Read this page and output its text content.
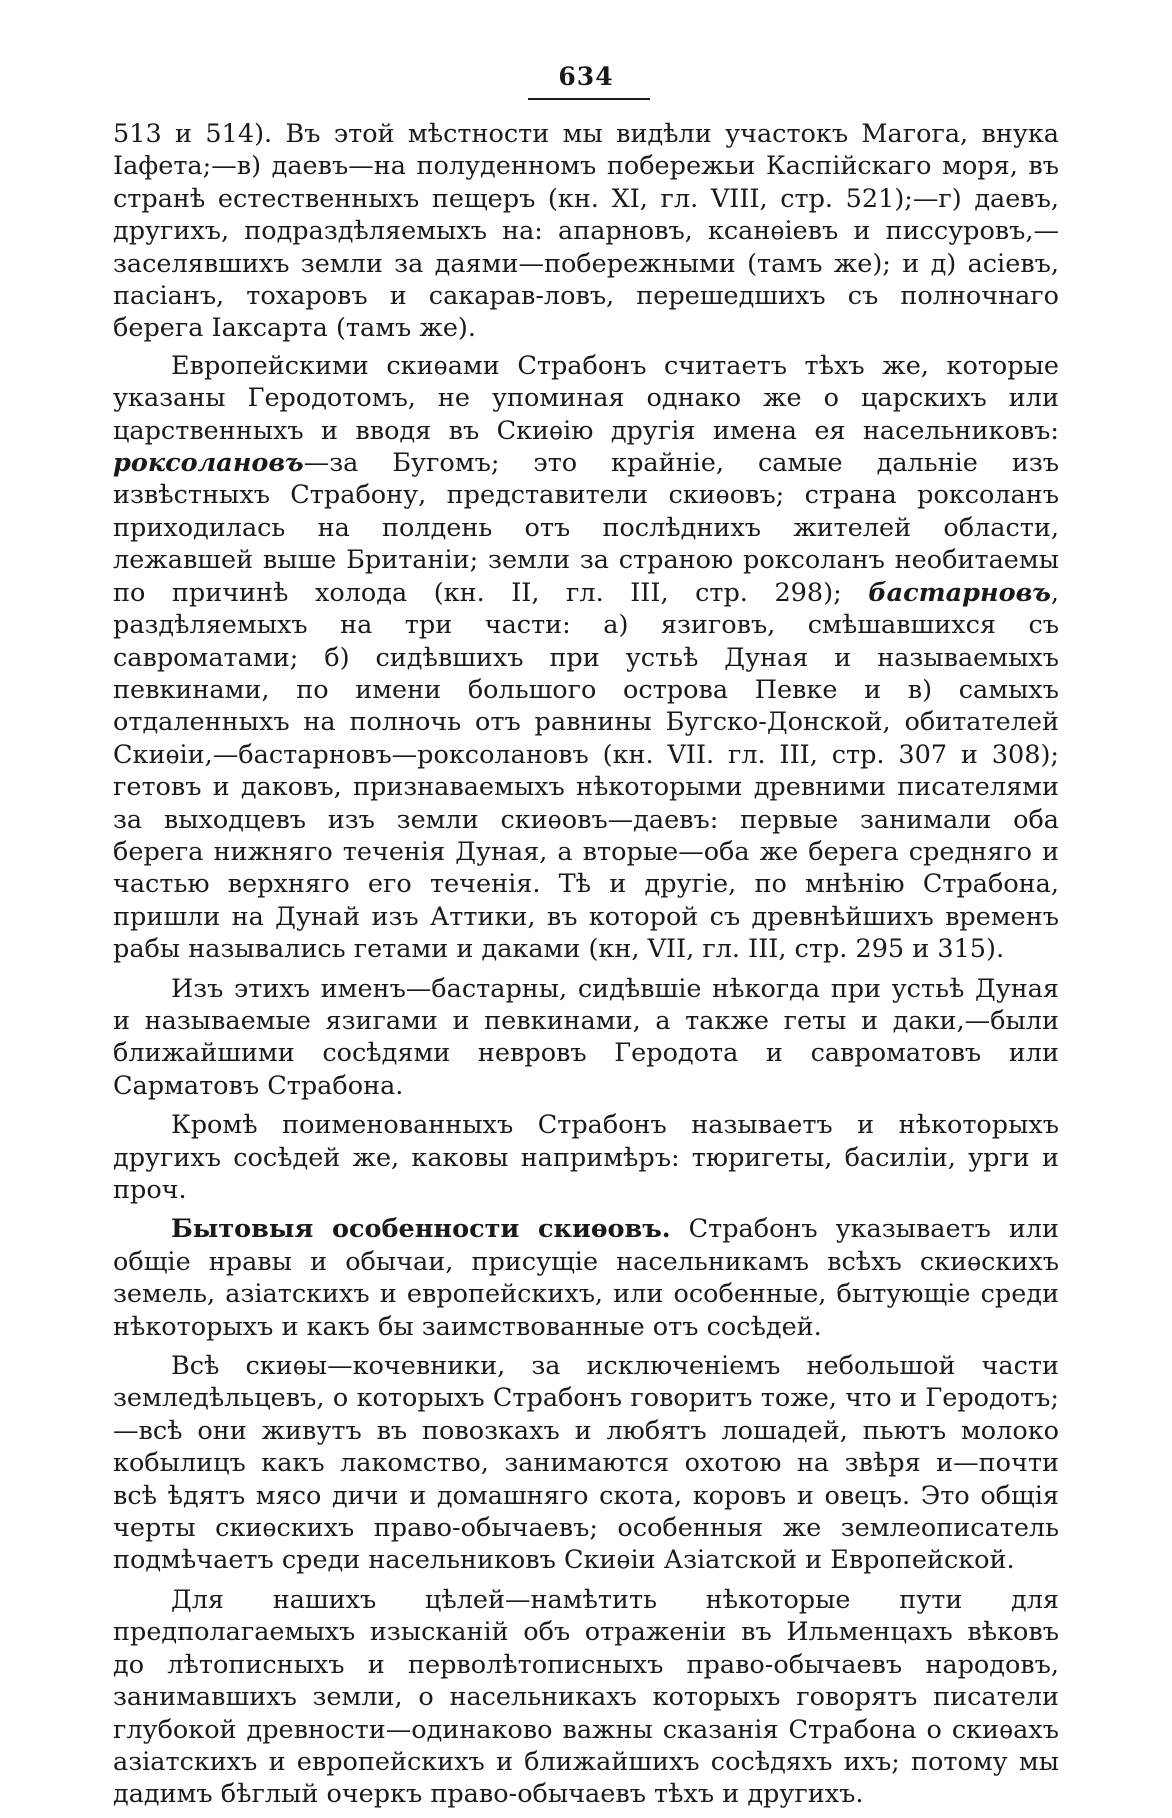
634

513 и 514). Въ этой мѣстности мы видѣли участокъ Магога, внука Іафета;—в) даевъ—на полуденномъ побережьи Каспійскаго моря, въ странѣ естественныхъ пещеръ (кн. XI, гл. VIII, стр. 521);—г) даевъ, другихъ, подраздѣляемыхъ на: апарновъ, ксанѳіевъ и писсуровъ,—заселявшихъ земли за даями—побережными (тамъ же); и д) асіевъ, пасіанъ, тохаровъ и сакарав-ловъ, перешедшихъ съ полночнаго берега Іаксарта (тамъ же).

Европейскими скиѳами Страбонъ считаетъ тѣхъ же, которые указаны Геродотомъ, не упоминая однако же о царскихъ или царственныхъ и вводя въ Скиѳію другія имена ея насельниковъ: роксолановъ—за Бугомъ; это крайніе, самые дальніе изъ извѣстныхъ Страбону, представители скиѳовъ; страна роксоланъ приходилась на полдень отъ послѣднихъ жителей области, лежавшей выше Британіи; земли за страною роксоланъ необитаемы по причинѣ холода (кн. II, гл. III, стр. 298); бастарновъ, раздѣляемыхъ на три части: а) язиговъ, смѣшавшихся съ савроматами; б) сидѣвшихъ при устьѣ Дуная и называемыхъ певкинами, по имени большого острова Певке и в) самыхъ отдаленныхъ на полночь отъ равнины Бугско-Донской, обитателей Скиѳіи,—бастарновъ—роксолановъ (кн. VII. гл. III, стр. 307 и 308); гетовъ и даковъ, признаваемыхъ нѣкоторыми древними писателями за выходцевъ изъ земли скиѳовъ—даевъ: первые занимали оба берега нижняго теченія Дуная, а вторые—оба же берега средняго и частью верхняго его теченія. Тѣ и другіе, по мнѣнію Страбона, пришли на Дунай изъ Аттики, въ которой съ древнѣйшихъ временъ рабы назывались гетами и даками (кн, VII, гл. III, стр. 295 и 315).

Изъ этихъ именъ—бастарны, сидѣвшіе нѣкогда при устьѣ Дуная и называемые язигами и певкинами, а также геты и даки,—были ближайшими сосѣдями невровъ Геродота и савроматовъ или Сарматовъ Страбона.

Кромѣ поименованныхъ Страбонъ называетъ и нѣкоторыхъ другихъ сосѣдей же, каковы напримѣръ: тюригеты, басиліи, урги и проч.

Бытовыя особенности скиѳовъ. Страбонъ указываетъ или общіе нравы и обычаи, присущіе насельникамъ всѣхъ скиѳскихъ земель, азіатскихъ и европейскихъ, или особенные, бытующіе среди нѣкоторыхъ и какъ бы заимствованные отъ сосѣдей.

Всѣ скиѳы—кочевники, за исключеніемъ небольшой части земледѣльцевъ, о которыхъ Страбонъ говоритъ тоже, что и Геродотъ;—всѣ они живутъ въ повозкахъ и любятъ лошадей, пьютъ молоко кобылицъ какъ лакомство, занимаются охотою на звѣря и—почти всѣ ѣдятъ мясо дичи и домашняго скота, коровъ и овецъ. Это общія черты скиѳскихъ право-обычаевъ; особенныя же землеописатель подмѣчаетъ среди насельниковъ Скиѳіи Азіатской и Европейской.

Для нашихъ цѣлей—намѣтить нѣкоторые пути для предполагаемыхъ изысканій объ отраженіи въ Ильменцахъ вѣковъ до лѣтописныхъ и перволѣтописныхъ право-обычаевъ народовъ, занимавшихъ земли, о насельникахъ которыхъ говорятъ писатели глубокой древности—одинаково важны сказанія Страбона о скиѳахъ азіатскихъ и европейскихъ и ближайшихъ сосѣдяхъ ихъ; потому мы дадимъ бѣглый очеркъ право-обычаевъ тѣхъ и другихъ.
